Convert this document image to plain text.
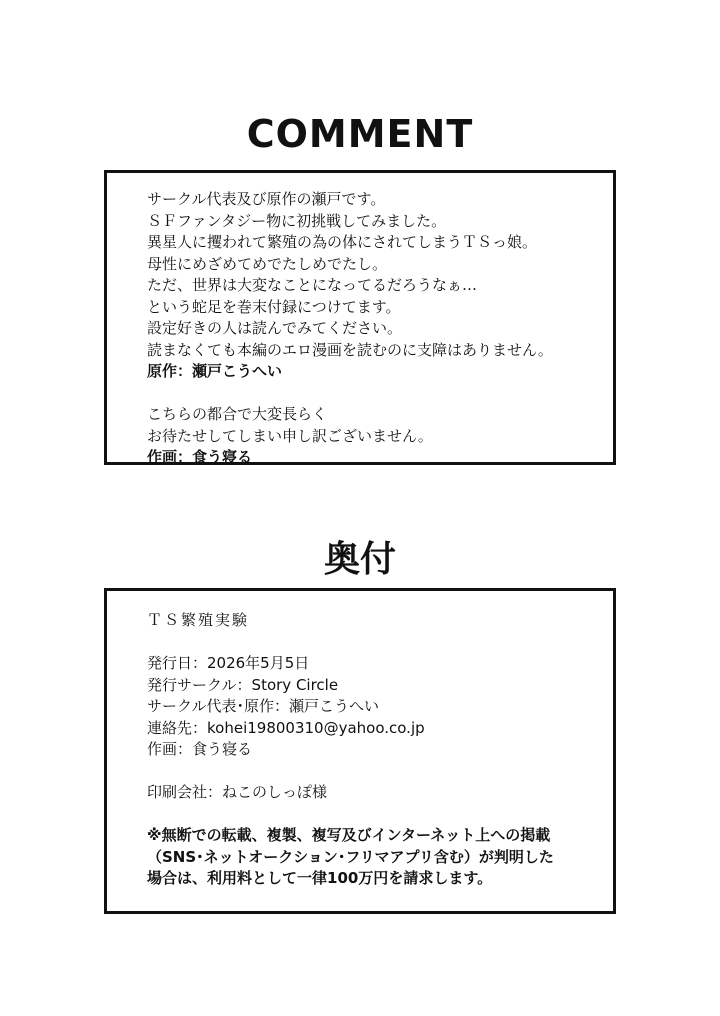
COMMENT
サークル代表及び原作の瀬戸です。
ＳＦファンタジー物に初挑戦してみました。
異星人に攫われて繁殖の為の体にされてしまうＴＳっ娘。
母性にめざめてめでたしめでたし。
ただ、世界は大変なことになってるだろうなぁ…
という蛇足を巻末付録につけてます。
設定好きの人は読んでみてください。
読まなくても本編のエロ漫画を読むのに支障はありません。
原作：瀬戸こうへい
こちらの都合で大変長らく
お待たせしてしまい申し訳ございません。
作画：食う寝る
奥付
ＴＳ繁殖実験
発行日：2026年5月5日
発行サークル：Story Circle
サークル代表･原作：瀬戸こうへい
連絡先：kohei19800310@yahoo.co.jp
作画：食う寝る
印刷会社：ねこのしっぽ様
※無断での転載、複製、複写及びインターネット上への掲載
（SNS･ネットオークション･フリマアプリ含む）が判明した
場合は、利用料として一律100万円を請求します。
